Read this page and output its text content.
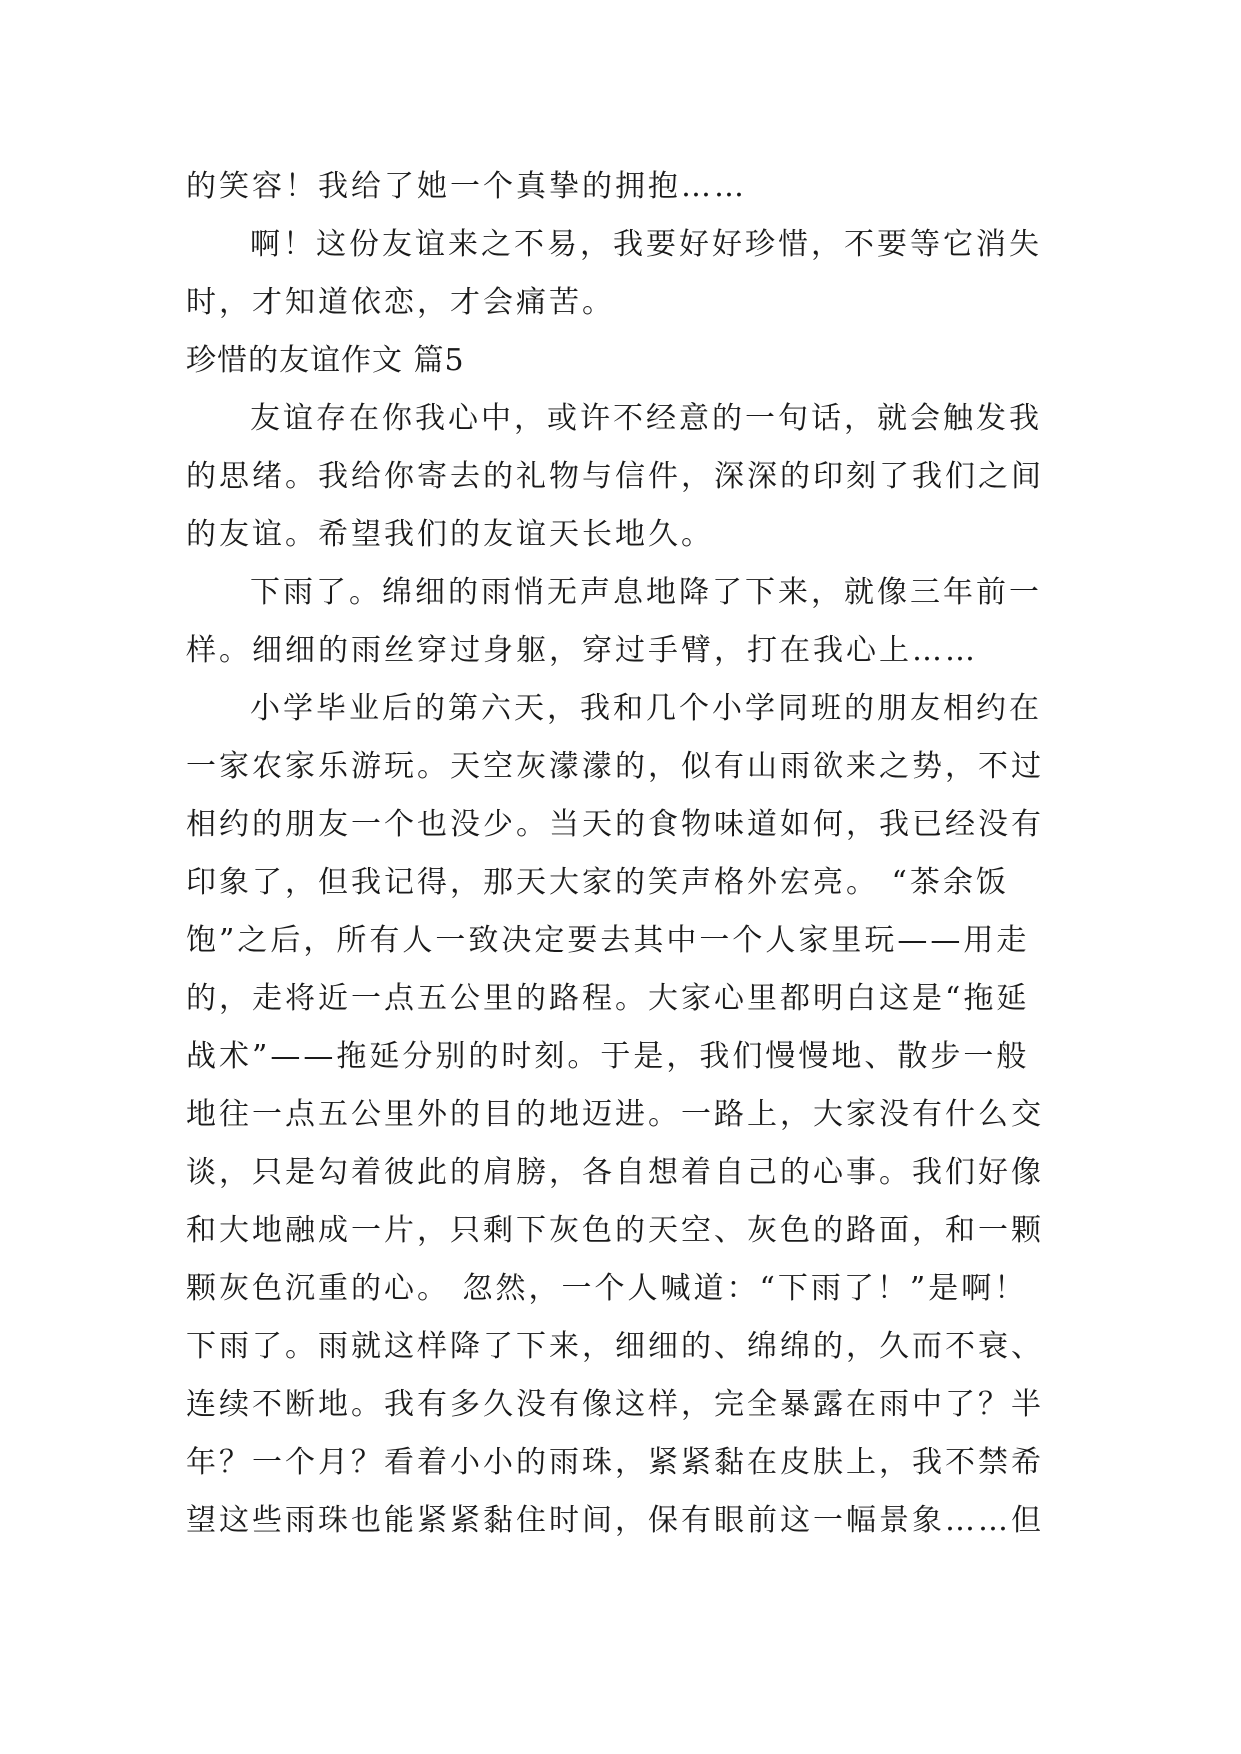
的笑容！我给了她一个真挚的拥抱……
啊！这份友谊来之不易，我要好好珍惜，不要等它消失
时，才知道依恋，才会痛苦。
珍惜的友谊作文 篇5
友谊存在你我心中，或许不经意的一句话，就会触发我
的思绪。我给你寄去的礼物与信件，深深的印刻了我们之间
的友谊。希望我们的友谊天长地久。
下雨了。绵细的雨悄无声息地降了下来，就像三年前一
样。细细的雨丝穿过身躯，穿过手臂，打在我心上……
小学毕业后的第六天，我和几个小学同班的朋友相约在
一家农家乐游玩。天空灰濛濛的，似有山雨欲来之势，不过
相约的朋友一个也没少。当天的食物味道如何，我已经没有
印象了，但我记得，那天大家的笑声格外宏亮。 “茶余饭
饱”之后，所有人一致决定要去其中一个人家里玩——用走
的，走将近一点五公里的路程。大家心里都明白这是“拖延
战术”——拖延分别的时刻。于是，我们慢慢地、散步一般
地往一点五公里外的目的地迈进。一路上，大家没有什么交
谈，只是勾着彼此的肩膀，各自想着自己的心事。我们好像
和大地融成一片，只剩下灰色的天空、灰色的路面，和一颗
颗灰色沉重的心。 忽然，一个人喊道：“下雨了！”是啊！
下雨了。雨就这样降了下来，细细的、绵绵的，久而不衰、
连续不断地。我有多久没有像这样，完全暴露在雨中了？半
年？一个月？看着小小的雨珠，紧紧黏在皮肤上，我不禁希
望这些雨珠也能紧紧黏住时间，保有眼前这一幅景象……但
